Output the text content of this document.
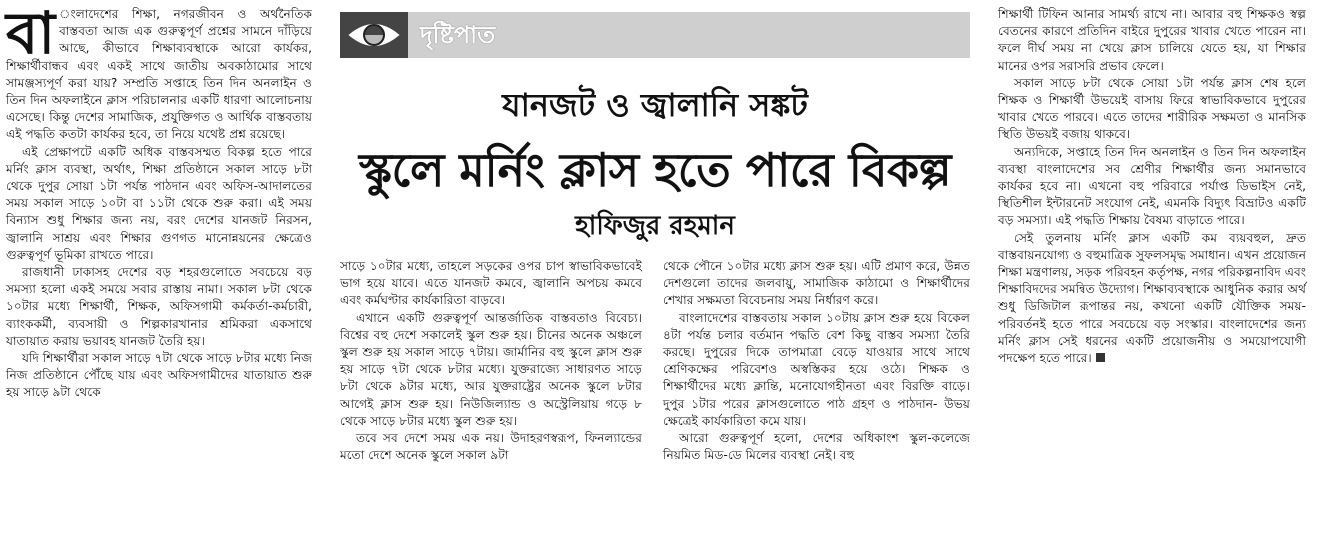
দৃষ্টিপাত
যানজট ও জ্বালানি সঙ্কট
স্কুলে মর্নিং ক্লাস হতে পারে বিকল্প
হাফিজুর রহমান

বা ংলাদেশের শিক্ষা, নগরজীবন ও অর্থনৈতিক বাস্তবতা আজ এক গুরুত্বপূর্ণ প্রশ্নের সামনে দাঁড়িয়ে আছে, কীভাবে শিক্ষাব্যবস্থাকে আরো কার্যকর, শিক্ষার্থীবান্ধব এবং একই সাথে জাতীয় অবকাঠামোর সাথে সামঞ্জস্যপূর্ণ করা যায়? সম্প্রতি সপ্তাহে তিন দিন অনলাইন ও তিন দিন অফলাইনে ক্লাস পরিচালনার একটি ধারণা আলোচনায় এসেছে। কিন্তু দেশের সামাজিক, প্রযুক্তিগত ও আর্থিক বাস্তবতায় এই পদ্ধতি কতটা কার্যকর হবে, তা নিয়ে যথেষ্ট প্রশ্ন রয়েছে।

এই প্রেক্ষাপটে একটি অধিক বাস্তবসম্মত বিকল্প হতে পারে মর্নিং ক্লাস ব্যবস্থা, অর্থাৎ, শিক্ষা প্রতিষ্ঠানে সকাল সাড়ে ৮টা থেকে দুপুর সোয়া ১টা পর্যন্ত পাঠদান এবং অফিস-আদালতের সময় সকাল সাড়ে ১০টা বা ১১টা থেকে শুরু করা। এই সময় বিন্যাস শুধু শিক্ষার জন্য নয়, বরং দেশের যানজট নিরসন, জ্বালানি সাশ্রয় এবং শিক্ষার গুণগত মানোন্নয়নের ক্ষেত্রেও গুরুত্বপূর্ণ ভূমিকা রাখতে পারে।

রাজধানী ঢাকাসহ দেশের বড় শহরগুলোতে সবচেয়ে বড় সমস্যা হলো একই সময়ে সবার রাস্তায় নামা। সকাল ৮টা থেকে ১০টার মধ্যে শিক্ষার্থী, শিক্ষক, অফিসগামী কর্মকর্তা-কর্মচারী, ব্যাংককর্মী, ব্যবসায়ী ও শিল্পকারখানার শ্রমিকরা একসাথে যাতায়াত করায় ভয়াবহ যানজট তৈরি হয়।

যদি শিক্ষার্থীরা সকাল সাড়ে ৭টা থেকে সাড়ে ৮টার মধ্যে নিজ নিজ প্রতিষ্ঠানে পৌঁছে যায় এবং অফিসগামীদের যাতায়াত শুরু হয় সাড়ে ৯টা থেকে

সাড়ে ১০টার মধ্যে, তাহলে সড়কের ওপর চাপ স্বাভাবিকভাবেই ভাগ হয়ে যাবে। এতে যানজট কমবে, জ্বালানি অপচয় কমবে এবং কর্মঘণ্টার কার্যকারিতা বাড়বে।

এখানে একটি গুরুত্বপূর্ণ আন্তর্জাতিক বাস্তবতাও বিবেচ্য। বিশ্বের বহু দেশে সকালেই স্কুল শুরু হয়। চীনের অনেক অঞ্চলে স্কুল শুরু হয় সকাল সাড়ে ৭টায়। জার্মানির বহু স্কুলে ক্লাস শুরু হয় সাড়ে ৭টা থেকে ৮টার মধ্যে। যুক্তরাজ্যে সাধারণত সাড়ে ৮টা থেকে ৯টার মধ্যে, আর যুক্তরাষ্ট্রের অনেক স্কুলে ৮টার আগেই ক্লাস শুরু হয়। নিউজিল্যান্ড ও অস্ট্রেলিয়ায় গড়ে ৮ থেকে সাড়ে ৮টার মধ্যে স্কুল শুরু হয়।

তবে সব দেশে সময় এক নয়। উদাহরণস্বরূপ, ফিনল্যান্ডের মতো দেশে অনেক স্কুলে সকাল ৯টা

থেকে পৌনে ১০টার মধ্যে ক্লাস শুরু হয়। এটি প্রমাণ করে, উন্নত দেশগুলো তাদের জলবায়ু, সামাজিক কাঠামো ও শিক্ষার্থীদের শেখার সক্ষমতা বিবেচনায় সময় নির্ধারণ করে।

বাংলাদেশের বাস্তবতায় সকাল ১০টায় ক্লাস শুরু হয়ে বিকেল ৪টা পর্যন্ত চলার বর্তমান পদ্ধতি বেশ কিছু বাস্তব সমস্যা তৈরি করছে। দুপুরের দিকে তাপমাত্রা বেড়ে যাওয়ার সাথে সাথে শ্রেণিকক্ষের পরিবেশও অস্বস্তিকর হয়ে ওঠে। শিক্ষক ও শিক্ষার্থীদের মধ্যে ক্লান্তি, মনোযোগহীনতা এবং বিরক্তি বাড়ে। দুপুর ১টার পরের ক্লাসগুলোতে পাঠ গ্রহণ ও পাঠদান- উভয় ক্ষেত্রেই কার্যকারিতা কমে যায়।

আরো গুরুত্বপূর্ণ হলো, দেশের অধিকাংশ স্কুল-কলেজে নিয়মিত মিড-ডে মিলের ব্যবস্থা নেই। বহু

শিক্ষার্থী টিফিন আনার সামর্থ্য রাখে না। আবার বহু শিক্ষকও স্বল্প বেতনের কারণে প্রতিদিন বাইরে দুপুরের খাবার খেতে পারেন না। ফলে দীর্ঘ সময় না খেয়ে ক্লাস চালিয়ে যেতে হয়, যা শিক্ষার মানের ওপর সরাসরি প্রভাব ফেলে।

সকাল সাড়ে ৮টা থেকে সোয়া ১টা পর্যন্ত ক্লাস শেষ হলে শিক্ষক ও শিক্ষার্থী উভয়েই বাসায় ফিরে স্বাভাবিকভাবে দুপুরের খাবার খেতে পারবে। এতে তাদের শারীরিক সক্ষমতা ও মানসিক স্থিতি উভয়ই বজায় থাকবে।

অন্যদিকে, সপ্তাহে তিন দিন অনলাইন ও তিন দিন অফলাইন ব্যবস্থা বাংলাদেশের সব শ্রেণীর শিক্ষার্থীর জন্য সমানভাবে কার্যকর হবে না। এখনো বহু পরিবারে পর্যাপ্ত ডিভাইস নেই, স্থিতিশীল ইন্টারনেট সংযোগ নেই, এমনকি বিদ্যুৎ বিভ্রাটও একটি বড় সমস্যা। এই পদ্ধতি শিক্ষায় বৈষম্য বাড়াতে পারে।

সেই তুলনায় মর্নিং ক্লাস একটি কম ব্যয়বহুল, দ্রুত বাস্তবায়নযোগ্য ও বহুমাত্রিক সুফলসমৃদ্ধ সমাধান। এখন প্রয়োজন শিক্ষা মন্ত্রণালয়, সড়ক পরিবহন কর্তৃপক্ষ, নগর পরিকল্পনাবিদ এবং শিক্ষাবিদদের সমন্বিত উদ্যোগ। শিক্ষাব্যবস্থাকে আধুনিক করার অর্থ শুধু ডিজিটাল রূপান্তর নয়, কখনো একটি যৌক্তিক সময়-পরিবর্তনই হতে পারে সবচেয়ে বড় সংস্কার। বাংলাদেশের জন্য মর্নিং ক্লাস সেই ধরনের একটি প্রয়োজনীয় ও সময়োপযোগী পদক্ষেপ হতে পারে।
